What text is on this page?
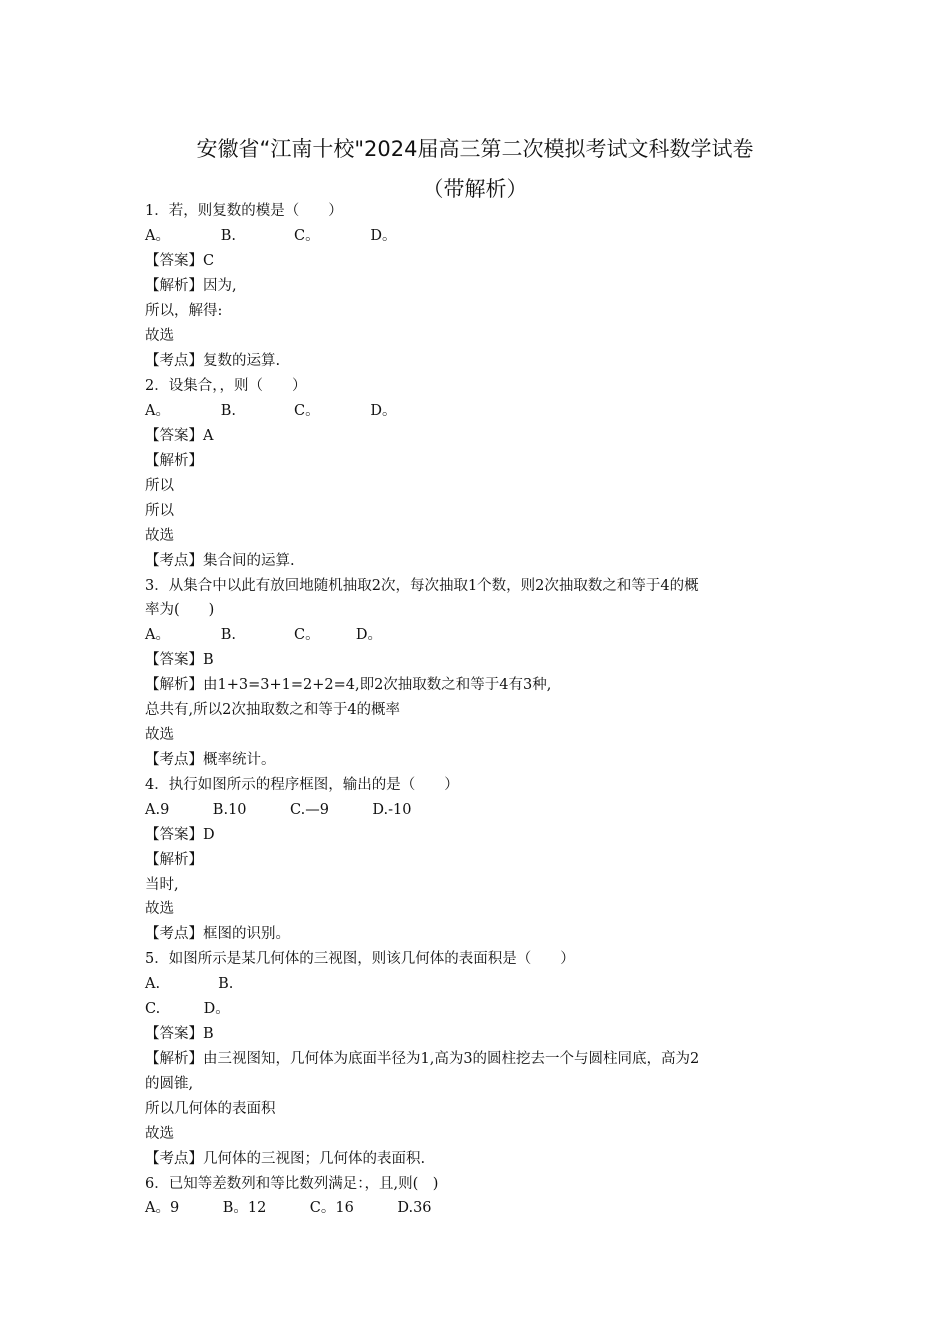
安徽省“江南十校"2024届高三第二次模拟考试文科数学试卷
（带解析）
1．若，则复数的模是（　　）
A。　　　　B.　　　　C。　　　　D。
【答案】C
【解析】因为,
所以，解得:
故选
【考点】复数的运算.
2．设集合，，则（　　）
A。　　　　B.　　　　C。　　　　D。
【答案】A
【解析】
所以
所以
故选
【考点】集合间的运算.
3．从集合中以此有放回地随机抽取2次，每次抽取1个数，则2次抽取数之和等于4的概
率为(　　)
A。　　　　B.　　　　C。　　　D。
【答案】B
【解析】由1+3=3+1=2+2=4,即2次抽取数之和等于4有3种,
总共有,所以2次抽取数之和等于4的概率
故选
【考点】概率统计。
4．执行如图所示的程序框图，输出的是（　　）
A.9　　　B.10　　　C.—9　　　D.-10
【答案】D
【解析】
当时,
故选
【考点】框图的识别。
5．如图所示是某几何体的三视图，则该几何体的表面积是（　　）
A.　　　　B.
C.　　　D。
【答案】B
【解析】由三视图知，几何体为底面半径为1,高为3的圆柱挖去一个与圆柱同底，高为2
的圆锥,
所以几何体的表面积
故选
【考点】几何体的三视图；几何体的表面积.
6．已知等差数列和等比数列满足：，且,则(　)
A。9　　　B。12　　　C。16　　　D.36
